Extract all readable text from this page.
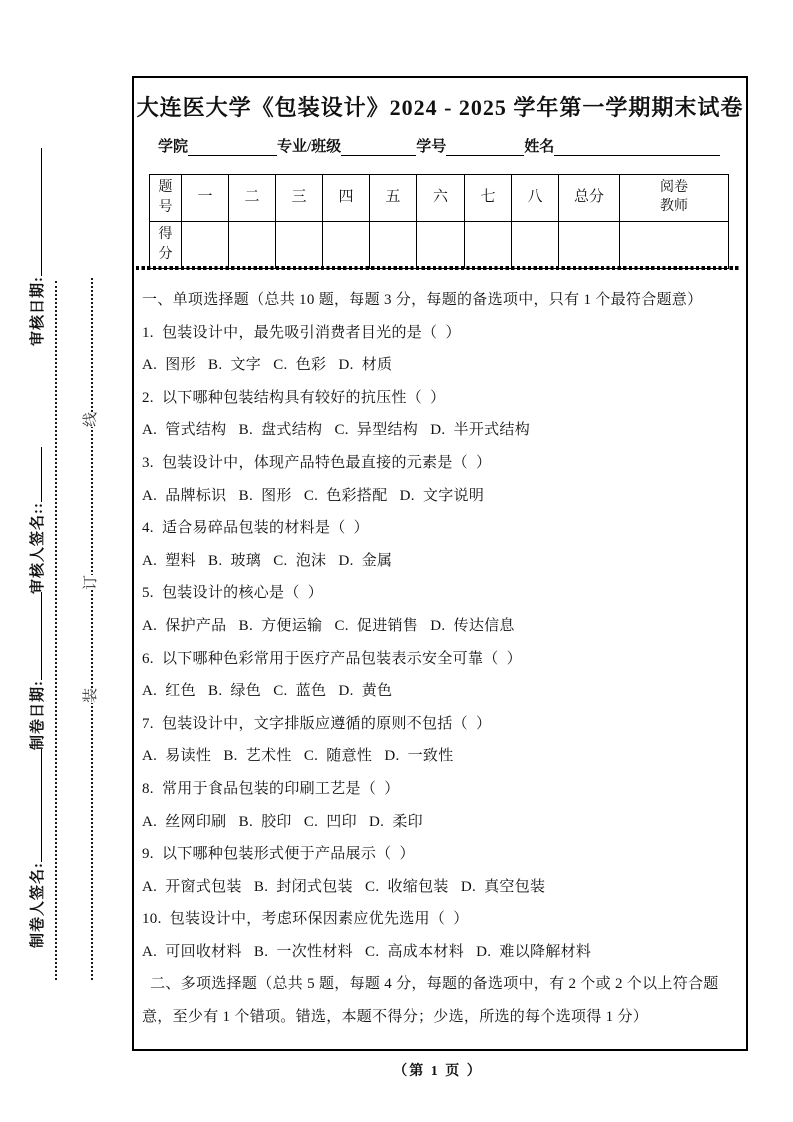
审核日期:
审核人签名::
制卷日期:
制卷人签名:
线
订
装
大连医大学《包装设计》2024 - 2025 学年第一学期期末试卷
学院	专业/班级	学号	姓名
题号	一	二	三	四	五	六	七	八	总分	阅卷教师
得分										
一、单项选择题（总共 10 题，每题 3 分，每题的备选项中，只有 1 个最符合题意）
1.  包装设计中，最先吸引消费者目光的是（  ）
A.  图形   B.  文字   C.  色彩   D.  材质
2.  以下哪种包装结构具有较好的抗压性（  ）
A.  管式结构   B.  盘式结构   C.  异型结构   D.  半开式结构
3.  包装设计中，体现产品特色最直接的元素是（  ）
A.  品牌标识   B.  图形   C.  色彩搭配   D.  文字说明
4.  适合易碎品包装的材料是（  ）
A.  塑料   B.  玻璃   C.  泡沫   D.  金属
5.  包装设计的核心是（  ）
A.  保护产品   B.  方便运输   C.  促进销售   D.  传达信息
6.  以下哪种色彩常用于医疗产品包装表示安全可靠（  ）
A.  红色   B.  绿色   C.  蓝色   D.  黄色
7.  包装设计中，文字排版应遵循的原则不包括（  ）
A.  易读性   B.  艺术性   C.  随意性   D.  一致性
8.  常用于食品包装的印刷工艺是（  ）
A.  丝网印刷   B.  胶印   C.  凹印   D.  柔印
9.  以下哪种包装形式便于产品展示（  ）
A.  开窗式包装   B.  封闭式包装   C.  收缩包装   D.  真空包装
10.  包装设计中，考虑环保因素应优先选用（  ）
A.  可回收材料   B.  一次性材料   C.  高成本材料   D.  难以降解材料
二、多项选择题（总共 5 题，每题 4 分，每题的备选项中，有 2 个或 2 个以上符合题意，至少有 1 个错项。错选，本题不得分；少选，所选的每个选项得 1 分）
（第 1 页 ）
